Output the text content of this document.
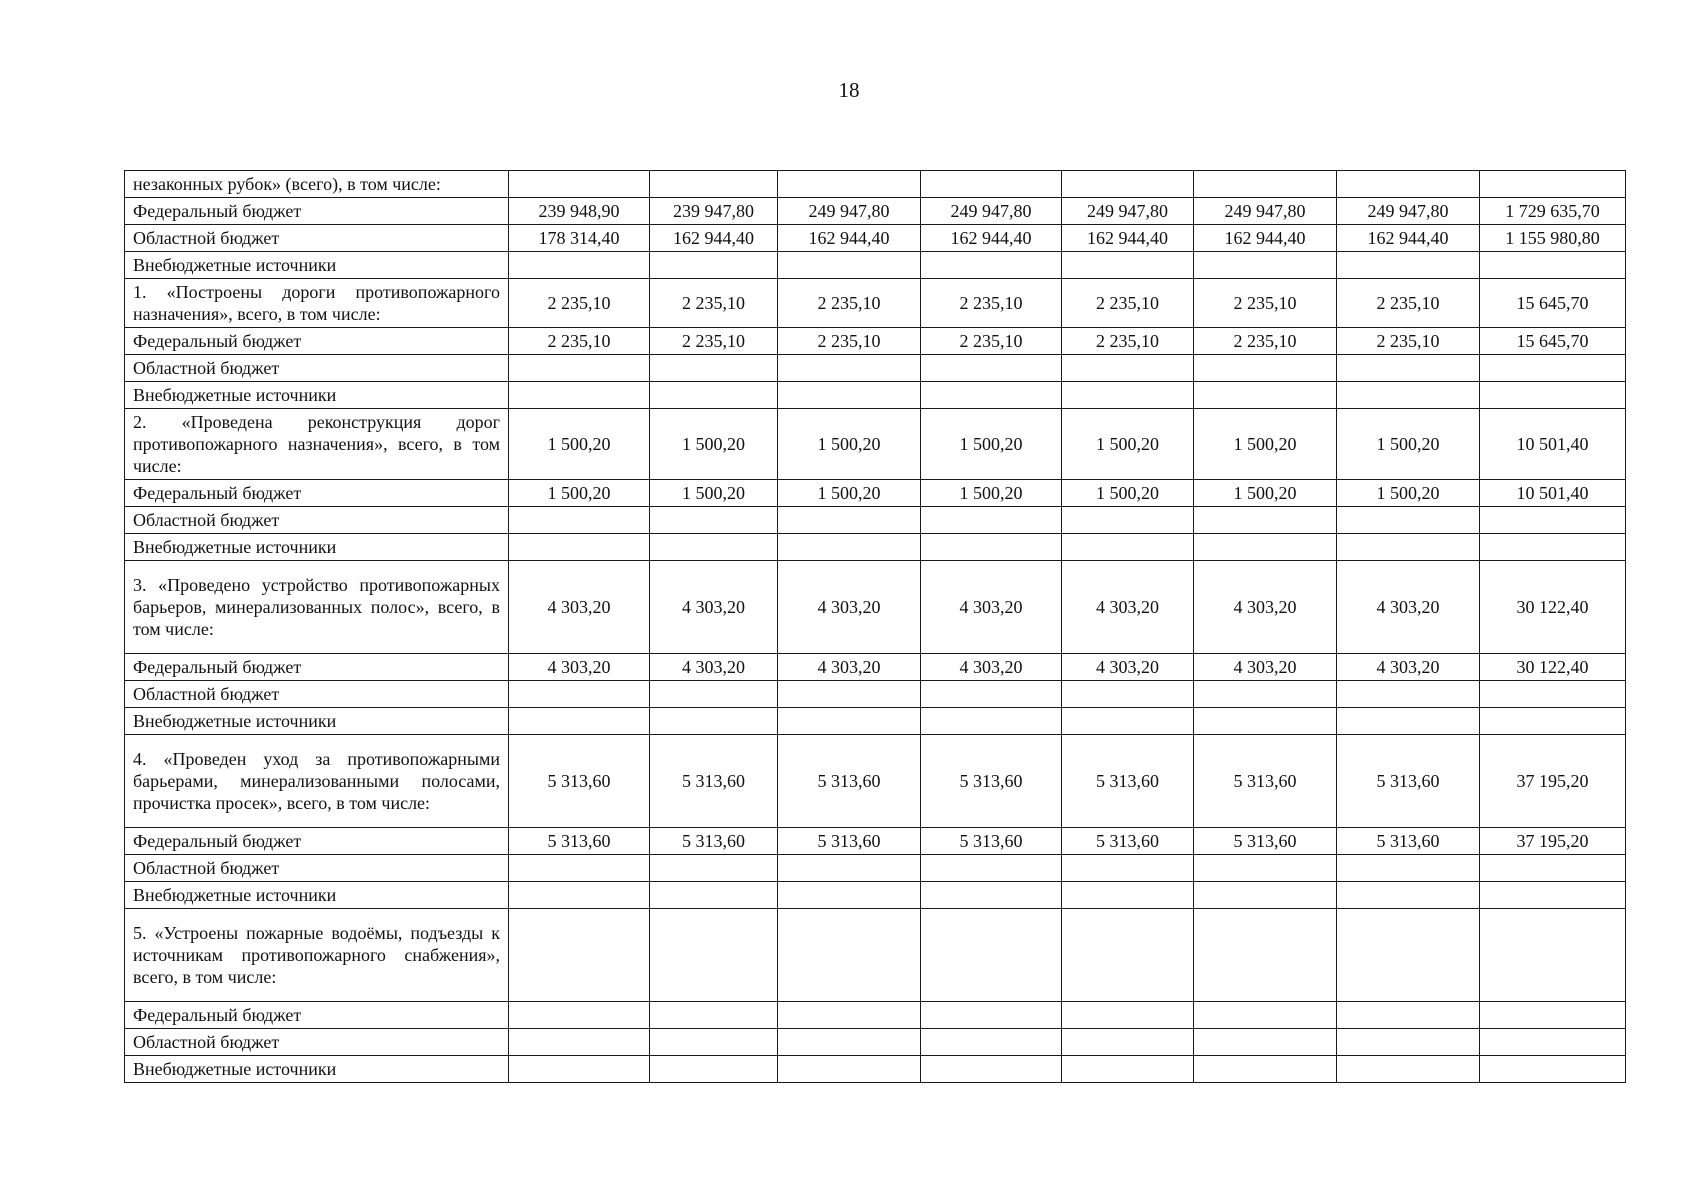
18
незаконных рубок» (всего), в том числе:								
Федеральный бюджет	239 948,90	239 947,80	249 947,80	249 947,80	249 947,80	249 947,80	249 947,80	1 729 635,70
Областной бюджет	178 314,40	162 944,40	162 944,40	162 944,40	162 944,40	162 944,40	162 944,40	1 155 980,80
Внебюджетные источники								
1. «Построены дороги противопожарного назначения», всего, в том числе:	2 235,10	2 235,10	2 235,10	2 235,10	2 235,10	2 235,10	2 235,10	15 645,70
Федеральный бюджет	2 235,10	2 235,10	2 235,10	2 235,10	2 235,10	2 235,10	2 235,10	15 645,70
Областной бюджет								
Внебюджетные источники								
2. «Проведена реконструкция дорог противопожарного назначения», всего, в том числе:	1 500,20	1 500,20	1 500,20	1 500,20	1 500,20	1 500,20	1 500,20	10 501,40
Федеральный бюджет	1 500,20	1 500,20	1 500,20	1 500,20	1 500,20	1 500,20	1 500,20	10 501,40
Областной бюджет								
Внебюджетные источники								
3. «Проведено устройство противопожарных барьеров, минерализованных полос», всего, в том числе:	4 303,20	4 303,20	4 303,20	4 303,20	4 303,20	4 303,20	4 303,20	30 122,40
Федеральный бюджет	4 303,20	4 303,20	4 303,20	4 303,20	4 303,20	4 303,20	4 303,20	30 122,40
Областной бюджет								
Внебюджетные источники								
4. «Проведен уход за противопожарными барьерами, минерализованными полосами, прочистка просек», всего, в том числе:	5 313,60	5 313,60	5 313,60	5 313,60	5 313,60	5 313,60	5 313,60	37 195,20
Федеральный бюджет	5 313,60	5 313,60	5 313,60	5 313,60	5 313,60	5 313,60	5 313,60	37 195,20
Областной бюджет								
Внебюджетные источники								
5. «Устроены пожарные водоёмы, подъезды к источникам противопожарного снабжения», всего, в том числе:								
Федеральный бюджет								
Областной бюджет								
Внебюджетные источники								
